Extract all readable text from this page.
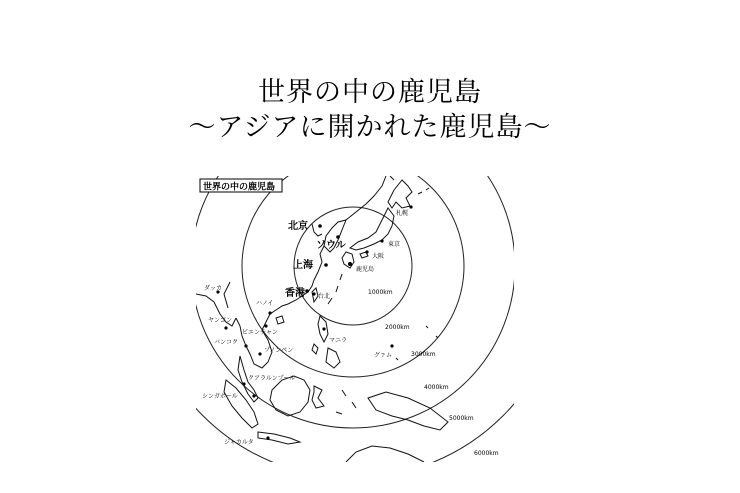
世界の中の鹿児島
～アジアに開かれた鹿児島～
世界の中の鹿児島
北京
ソウル
上海
香港
札幌
東京
大阪
鹿児島
台北
マニラ
グァム
ハノイ
ビエンチャン
ヤンゴン
ダッカ
バンコク
プノンペン
クアラルンプール
シンガポール
ジャカルタ
1000km
2000km
3000km
4000km
5000km
6000km
